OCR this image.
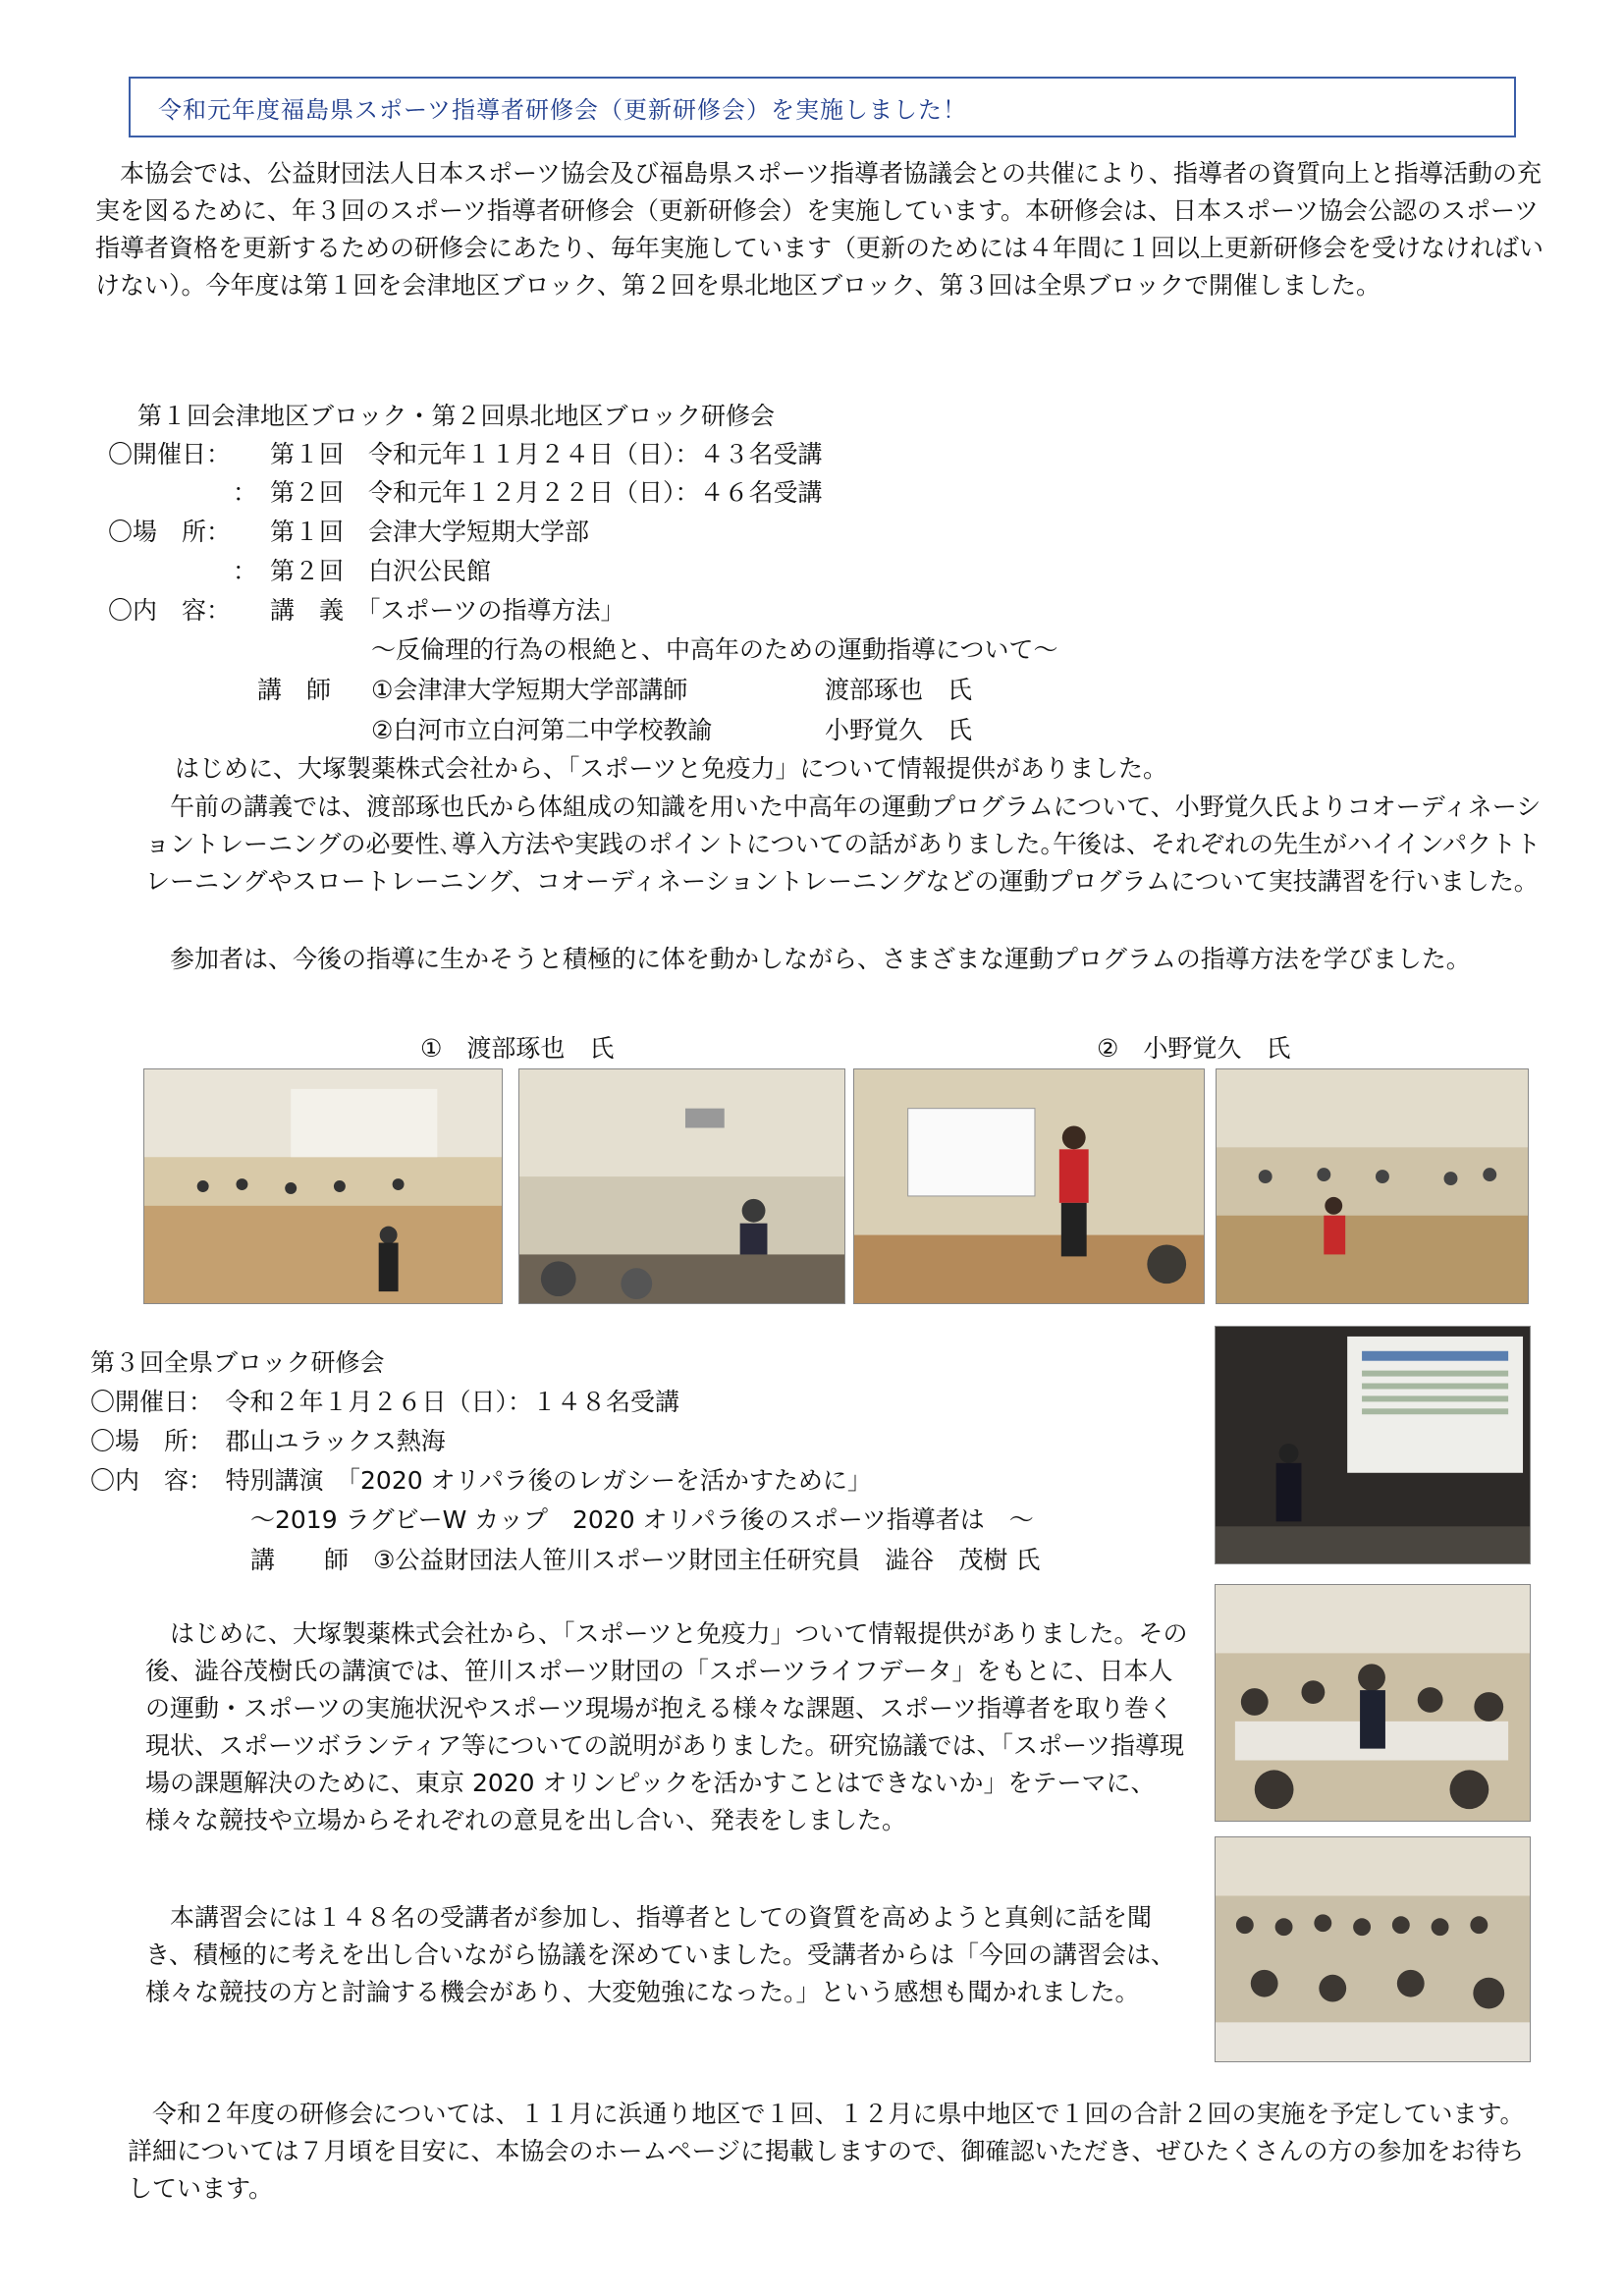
令和元年度福島県スポーツ指導者研修会（更新研修会）を実施しました！
本協会では、公益財団法人日本スポーツ協会及び福島県スポーツ指導者協議会との共催により、指導者の資質向上と指導活動の充実を図るために、年３回のスポーツ指導者研修会（更新研修会）を実施しています。本研修会は、日本スポーツ協会公認のスポーツ指導者資格を更新するための研修会にあたり、毎年実施しています（更新のためには４年間に１回以上更新研修会を受けなければいけない）。今年度は第１回を会津地区ブロック、第２回を県北地区ブロック、第３回は全県ブロックで開催しました。
第１回会津地区ブロック・第２回県北地区ブロック研修会
〇開催日： 第１回　令和元年１１月２４日（日）：４３名受講
： 第２回　令和元年１２月２２日（日）：４６名受講
〇場　所： 第１回　会津大学短期大学部
： 第２回　白沢公民館
〇内　容： 講　義　「スポーツの指導方法」
～反倫理的行為の根絶と、中高年のための運動指導について～
講　師 ①会津津大学短期大学部講師	渡部琢也　氏
②白河市立白河第二中学校教諭	小野覚久　氏

はじめに、大塚製薬株式会社から、「スポーツと免疫力」について情報提供がありました。

午前の講義では、渡部琢也氏から体組成の知識を用いた中高年の運動プログラムについて、小野覚久氏よりコオーディネーショントレーニングの必要性､導入方法や実践のポイントについての話がありました｡午後は、それぞれの先生がハイインパクトトレーニングやスロートレーニング、コオーディネーショントレーニングなどの運動プログラムについて実技講習を行いました。
参加者は、今後の指導に生かそうと積極的に体を動かしながら、さまざまな運動プログラムの指導方法を学びました。
①　渡部琢也　氏	②　小野覚久　氏
第３回全県ブロック研修会
〇開催日：　令和２年１月２６日（日）：１４８名受講
〇場　所：　郡山ユラックス熱海
〇内　容：　特別講演　「2020 オリパラ後のレガシーを活かすために」
～2019 ラグビーW カップ　2020 オリパラ後のスポーツ指導者は　～
講　　師　③公益財団法人笹川スポーツ財団主任研究員　澁谷　茂樹 氏
はじめに、大塚製薬株式会社から、「スポーツと免疫力」ついて情報提供がありました。その後、澁谷茂樹氏の講演では、笹川スポーツ財団の「スポーツライフデータ」をもとに、日本人の運動・スポーツの実施状況やスポーツ現場が抱える様々な課題、スポーツ指導者を取り巻く現状、スポーツボランティア等についての説明がありました。研究協議では、「スポーツ指導現場の課題解決のために、東京 2020 オリンピックを活かすことはできないか」をテーマに、様々な競技や立場からそれぞれの意見を出し合い、発表をしました。
本講習会には１４８名の受講者が参加し、指導者としての資質を高めようと真剣に話を聞き、積極的に考えを出し合いながら協議を深めていました。受講者からは「今回の講習会は、様々な競技の方と討論する機会があり、大変勉強になった。」という感想も聞かれました。
令和２年度の研修会については、１１月に浜通り地区で１回、１２月に県中地区で１回の合計２回の実施を予定しています。詳細については７月頃を目安に、本協会のホームページに掲載しますので、御確認いただき、ぜひたくさんの方の参加をお待ちしています。
